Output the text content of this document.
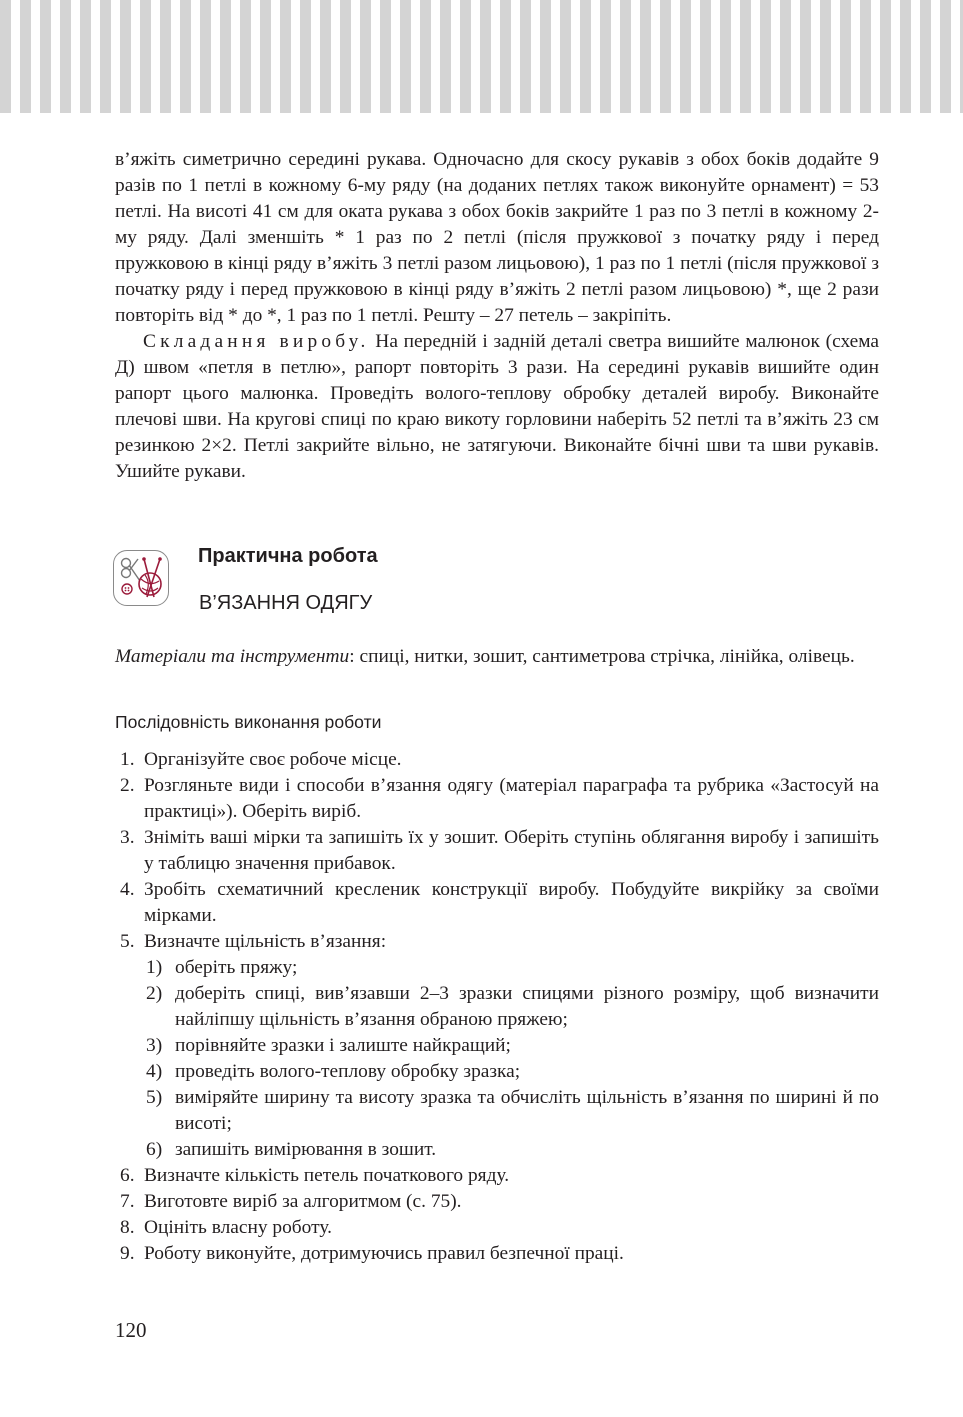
в’яжіть симетрично середині рукава. Одночасно для скосу рукавів з обох боків додайте 9 разів по 1 петлі в кожному 6-му ряду (на доданих петлях також виконуйте орнамент) = 53 петлі. На висоті 41 см для оката рукава з обох боків закрийте 1 раз по 3 петлі в кожному 2-му ряду. Далі зменшіть * 1 раз по 2 петлі (після пружкової з початку ряду і перед пружковою в кінці ряду в’яжіть 3 петлі разом лицьовою), 1 раз по 1 петлі (після пружкової з початку ряду і перед пружковою в кінці ряду в’яжіть 2 петлі разом лицьовою) *, ще 2 рази повторіть від * до *, 1 раз по 1 петлі. Решту – 27 петель – закріпіть.

Складання виробу. На передній і задній деталі светра вишийте малюнок (схема Д) швом «петля в петлю», рапорт повторіть 3 рази. На середині рукавів вишийте один рапорт цього малюнка. Проведіть волого-теплову обробку деталей виробу. Виконайте плечові шви. На кругові спиці по краю викоту горловини наберіть 52 петлі та в’яжіть 23 см резинкою 2×2. Петлі закрийте вільно, не затягуючи. Виконайте бічні шви та шви рукавів. Ушийте рукави.

Практична робота

В’ЯЗАННЯ ОДЯГУ

Матеріали та інструменти: спиці, нитки, зошит, сантиметрова стрічка, лінійка, олівець.

Послідовність виконання роботи

1. Організуйте своє робоче місце.
2. Розгляньте види і способи в’язання одягу (матеріал параграфа та рубрика «Застосуй на практиці»). Оберіть виріб.
3. Зніміть ваші мірки та запишіть їх у зошит. Оберіть ступінь облягання виробу і запишіть у таблицю значення прибавок.
4. Зробіть схематичний кресленик конструкції виробу. Побудуйте викрійку за своїми мірками.
5. Визначте щільність в’язання:
1) оберіть пряжу;
2) доберіть спиці, вив’язавши 2–3 зразки спицями різного розміру, щоб визначити найліпшу щільність в’язання обраною пряжею;
3) порівняйте зразки і залиште найкращий;
4) проведіть волого-теплову обробку зразка;
5) виміряйте ширину та висоту зразка та обчисліть щільність в’язання по ширині й по висоті;
6) запишіть вимірювання в зошит.
6. Визначте кількість петель початкового ряду.
7. Виготовте виріб за алгоритмом (с. 75).
8. Оцініть власну роботу.
9. Роботу виконуйте, дотримуючись правил безпечної праці.

120
